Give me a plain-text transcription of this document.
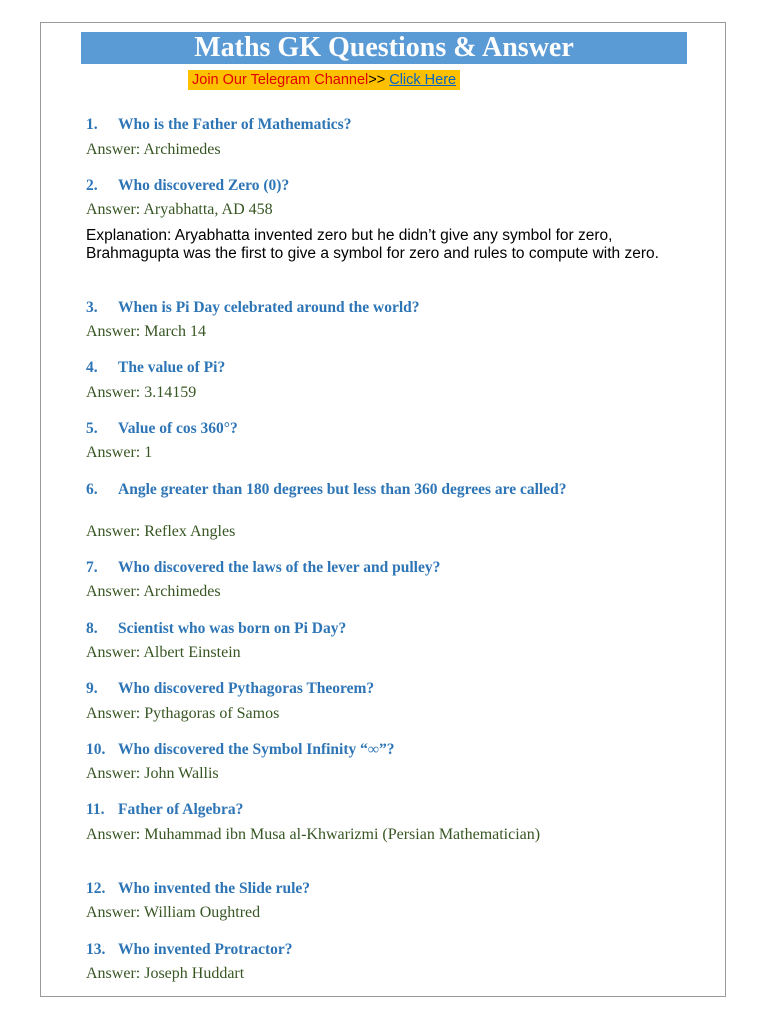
Maths GK Questions & Answer
Join Our Telegram Channel>> Click Here
1.	Who is the Father of Mathematics?
Answer: Archimedes
2.	Who discovered Zero (0)?
Answer: Aryabhatta, AD 458
Explanation: Aryabhatta invented zero but he didn’t give any symbol for zero, Brahmagupta was the first to give a symbol for zero and rules to compute with zero.
3.	When is Pi Day celebrated around the world?
Answer: March 14
4.	The value of Pi?
Answer: 3.14159
5.	Value of cos 360°?
Answer: 1
6.	Angle greater than 180 degrees but less than 360 degrees are called?
Answer: Reflex Angles
7.	Who discovered the laws of the lever and pulley?
Answer: Archimedes
8.	Scientist who was born on Pi Day?
Answer: Albert Einstein
9.	Who discovered Pythagoras Theorem?
Answer: Pythagoras of Samos
10. Who discovered the Symbol Infinity “∞”?
Answer: John Wallis
11. Father of Algebra?
Answer: Muhammad ibn Musa al-Khwarizmi (Persian Mathematician)
12. Who invented the Slide rule?
Answer: William Oughtred
13. Who invented Protractor?
Answer: Joseph Huddart
